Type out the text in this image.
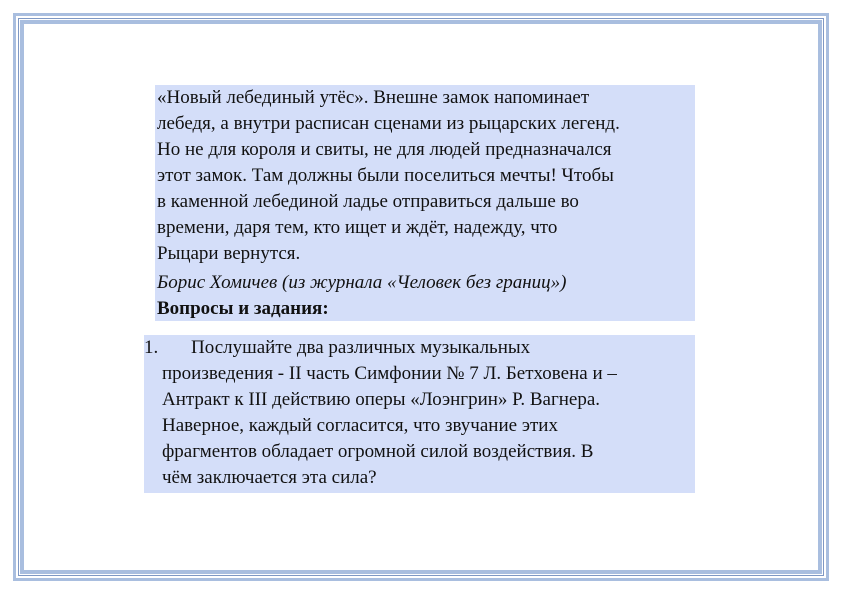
«Новый лебединый утёс». Внешне замок напоминает
лебедя, а внутри расписан сценами из рыцарских легенд.
Но не для короля и свиты, не для людей предназначался
этот замок. Там должны были поселиться мечты! Чтобы
в каменной лебединой ладье отправиться дальше во
времени, даря тем, кто ищет и ждёт, надежду, что
Рыцари вернутся.

Борис Хомичев (из журнала «Человек без границ»)

Вопросы и задания:

1.	Послушайте два различных музыкальных
произведения - II часть Симфонии № 7 Л. Бетховена и –
Антракт к III действию оперы «Лоэнгрин» Р. Вагнера.
Наверное, каждый согласится, что звучание этих
фрагментов обладает огромной силой воздействия. В
чём заключается эта сила?
